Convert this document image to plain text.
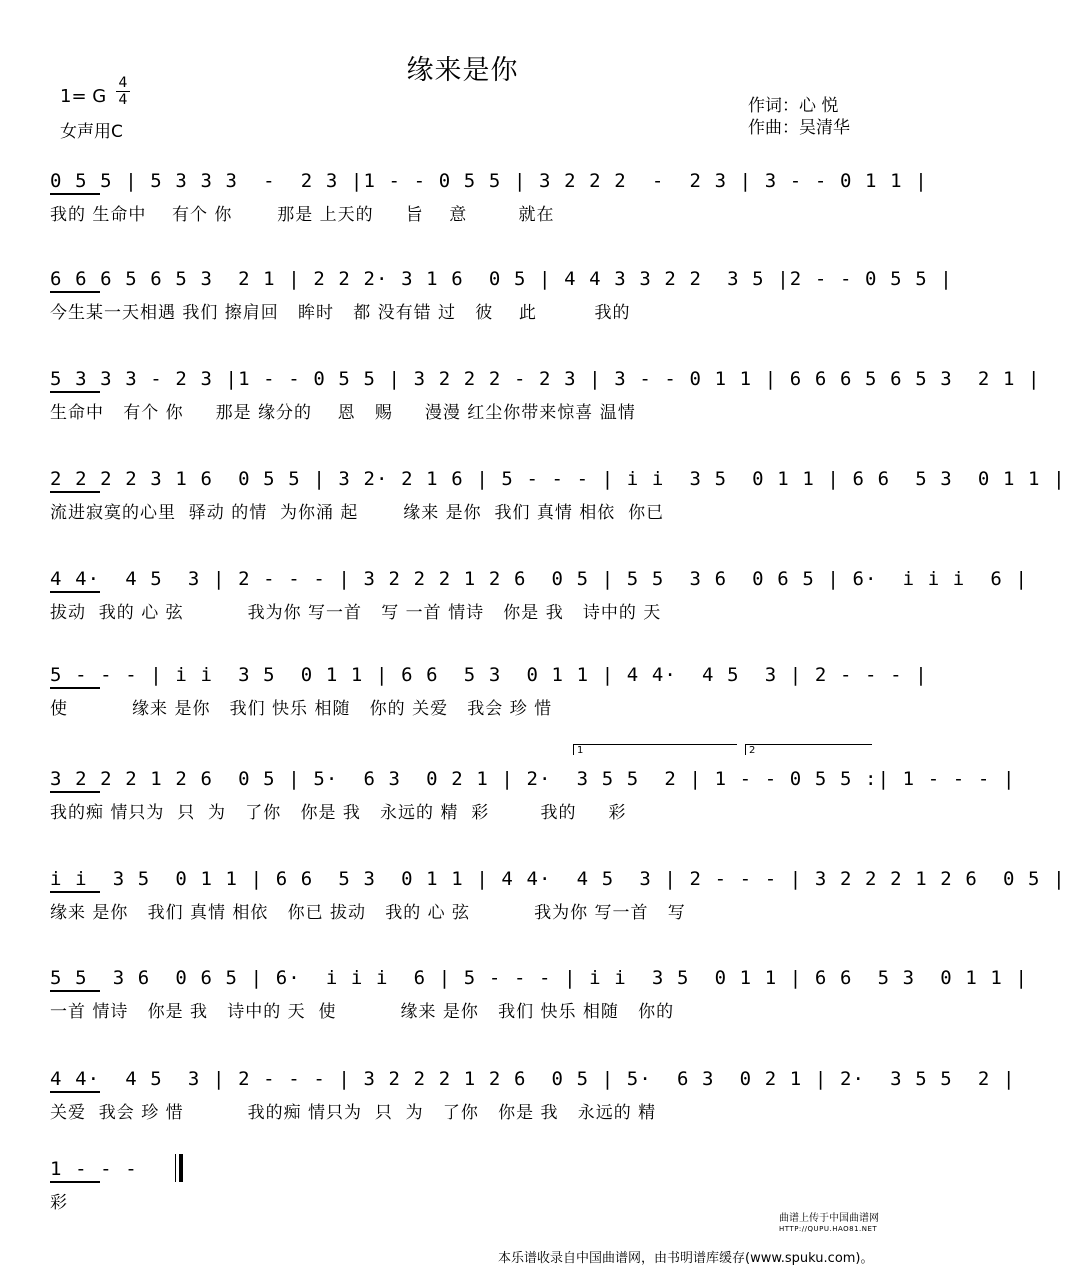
缘来是你
1= G
4
4
女声用C
作词：心 悦
作曲：吴清华
0 5 5 | 5 3 3 3  -  2 3 |1 - - 0 5 5 | 3 2 2 2  -  2 3 | 3 - - 0 1 1 |
我的 生命中    有个 你       那是 上天的     旨    意        就在
6 6 6 5 6 5 3  2 1 | 2 2 2· 3 1 6  0 5 | 4 4 3 3 2 2  3 5 |2 - - 0 5 5 |
今生某一天相遇 我们 擦肩回   眸时   都 没有错 过   彼    此         我的
5 3 3 3 - 2 3 |1 - - 0 5 5 | 3 2 2 2 - 2 3 | 3 - - 0 1 1 | 6 6 6 5 6 5 3  2 1 |
生命中   有个 你     那是 缘分的    恩   赐     漫漫 红尘你带来惊喜 温情
2 2 2 2 3 1 6  0 5 5 | 3 2· 2 1 6 | 5 - - - | i i  3 5  0 1 1 | 6 6  5 3  0 1 1 |
流进寂寞的心里  驿动 的情  为你涌 起       缘来 是你  我们 真情 相依  你已
4 4·  4 5  3 | 2 - - - | 3 2 2 2 1 2 6  0 5 | 5 5  3 6  0 6 5 | 6·  i i i  6 |
拔动  我的 心 弦          我为你 写一首   写 一首 情诗   你是 我   诗中的 天
5 - - - | i i  3 5  0 1 1 | 6 6  5 3  0 1 1 | 4 4·  4 5  3 | 2 - - - |
使          缘来 是你   我们 快乐 相随   你的 关爱   我会 珍 惜
3 2 2 2 1 2 6  0 5 | 5·  6 3  0 2 1 | 2·  3 5 5  2 | 1 - - 0 5 5 :| 1 - - - |
我的痴 情只为  只  为   了你   你是 我   永远的 精  彩        我的     彩
i i  3 5  0 1 1 | 6 6  5 3  0 1 1 | 4 4·  4 5  3 | 2 - - - | 3 2 2 2 1 2 6  0 5 |
缘来 是你   我们 真情 相依   你已 拔动   我的 心 弦          我为你 写一首   写
5 5  3 6  0 6 5 | 6·  i i i  6 | 5 - - - | i i  3 5  0 1 1 | 6 6  5 3  0 1 1 |
一首 情诗   你是 我   诗中的 天  使          缘来 是你   我们 快乐 相随   你的
4 4·  4 5  3 | 2 - - - | 3 2 2 2 1 2 6  0 5 | 5·  6 3  0 2 1 | 2·  3 5 5  2 |
关爱  我会 珍 惜          我的痴 情只为  只  为   了你   你是 我   永远的 精
1 - - -
彩
1	2
曲谱上传于中国曲谱网
HTTP://QUPU.HAO81.NET
本乐谱收录自中国曲谱网，由书明谱库缓存(www.spuku.com)。
